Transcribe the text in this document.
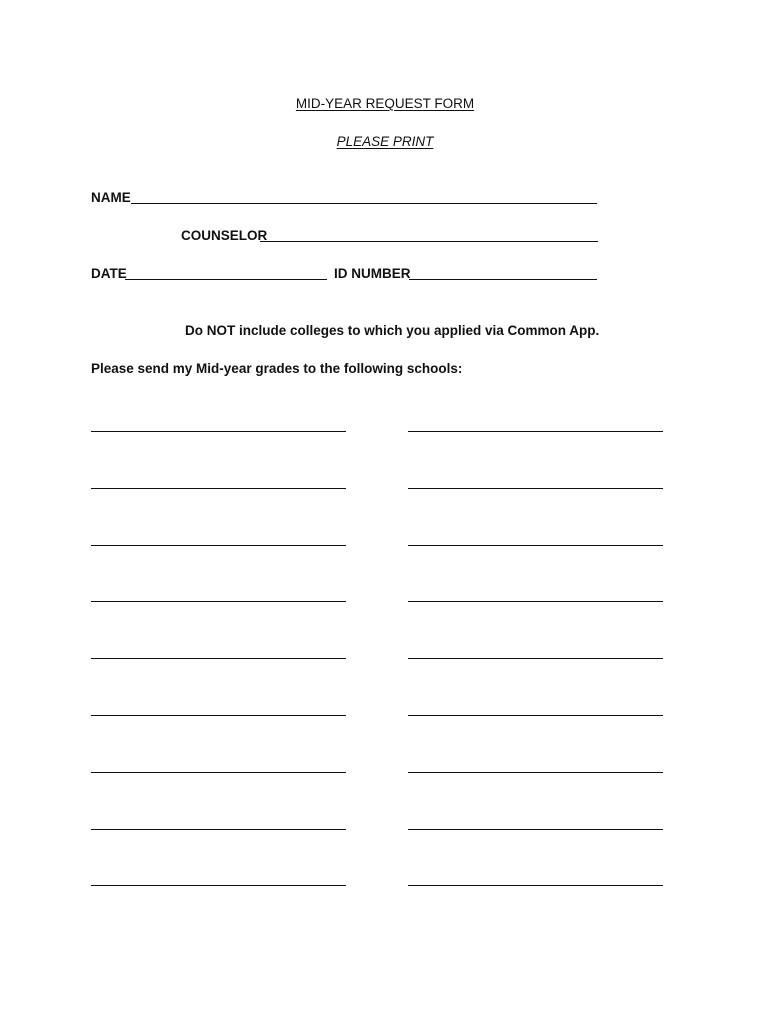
MID-YEAR REQUEST FORM
PLEASE PRINT
NAME
COUNSELOR
DATE	ID NUMBER
Do NOT include colleges to which you applied via Common App.
Please send my Mid-year grades to the following schools:
